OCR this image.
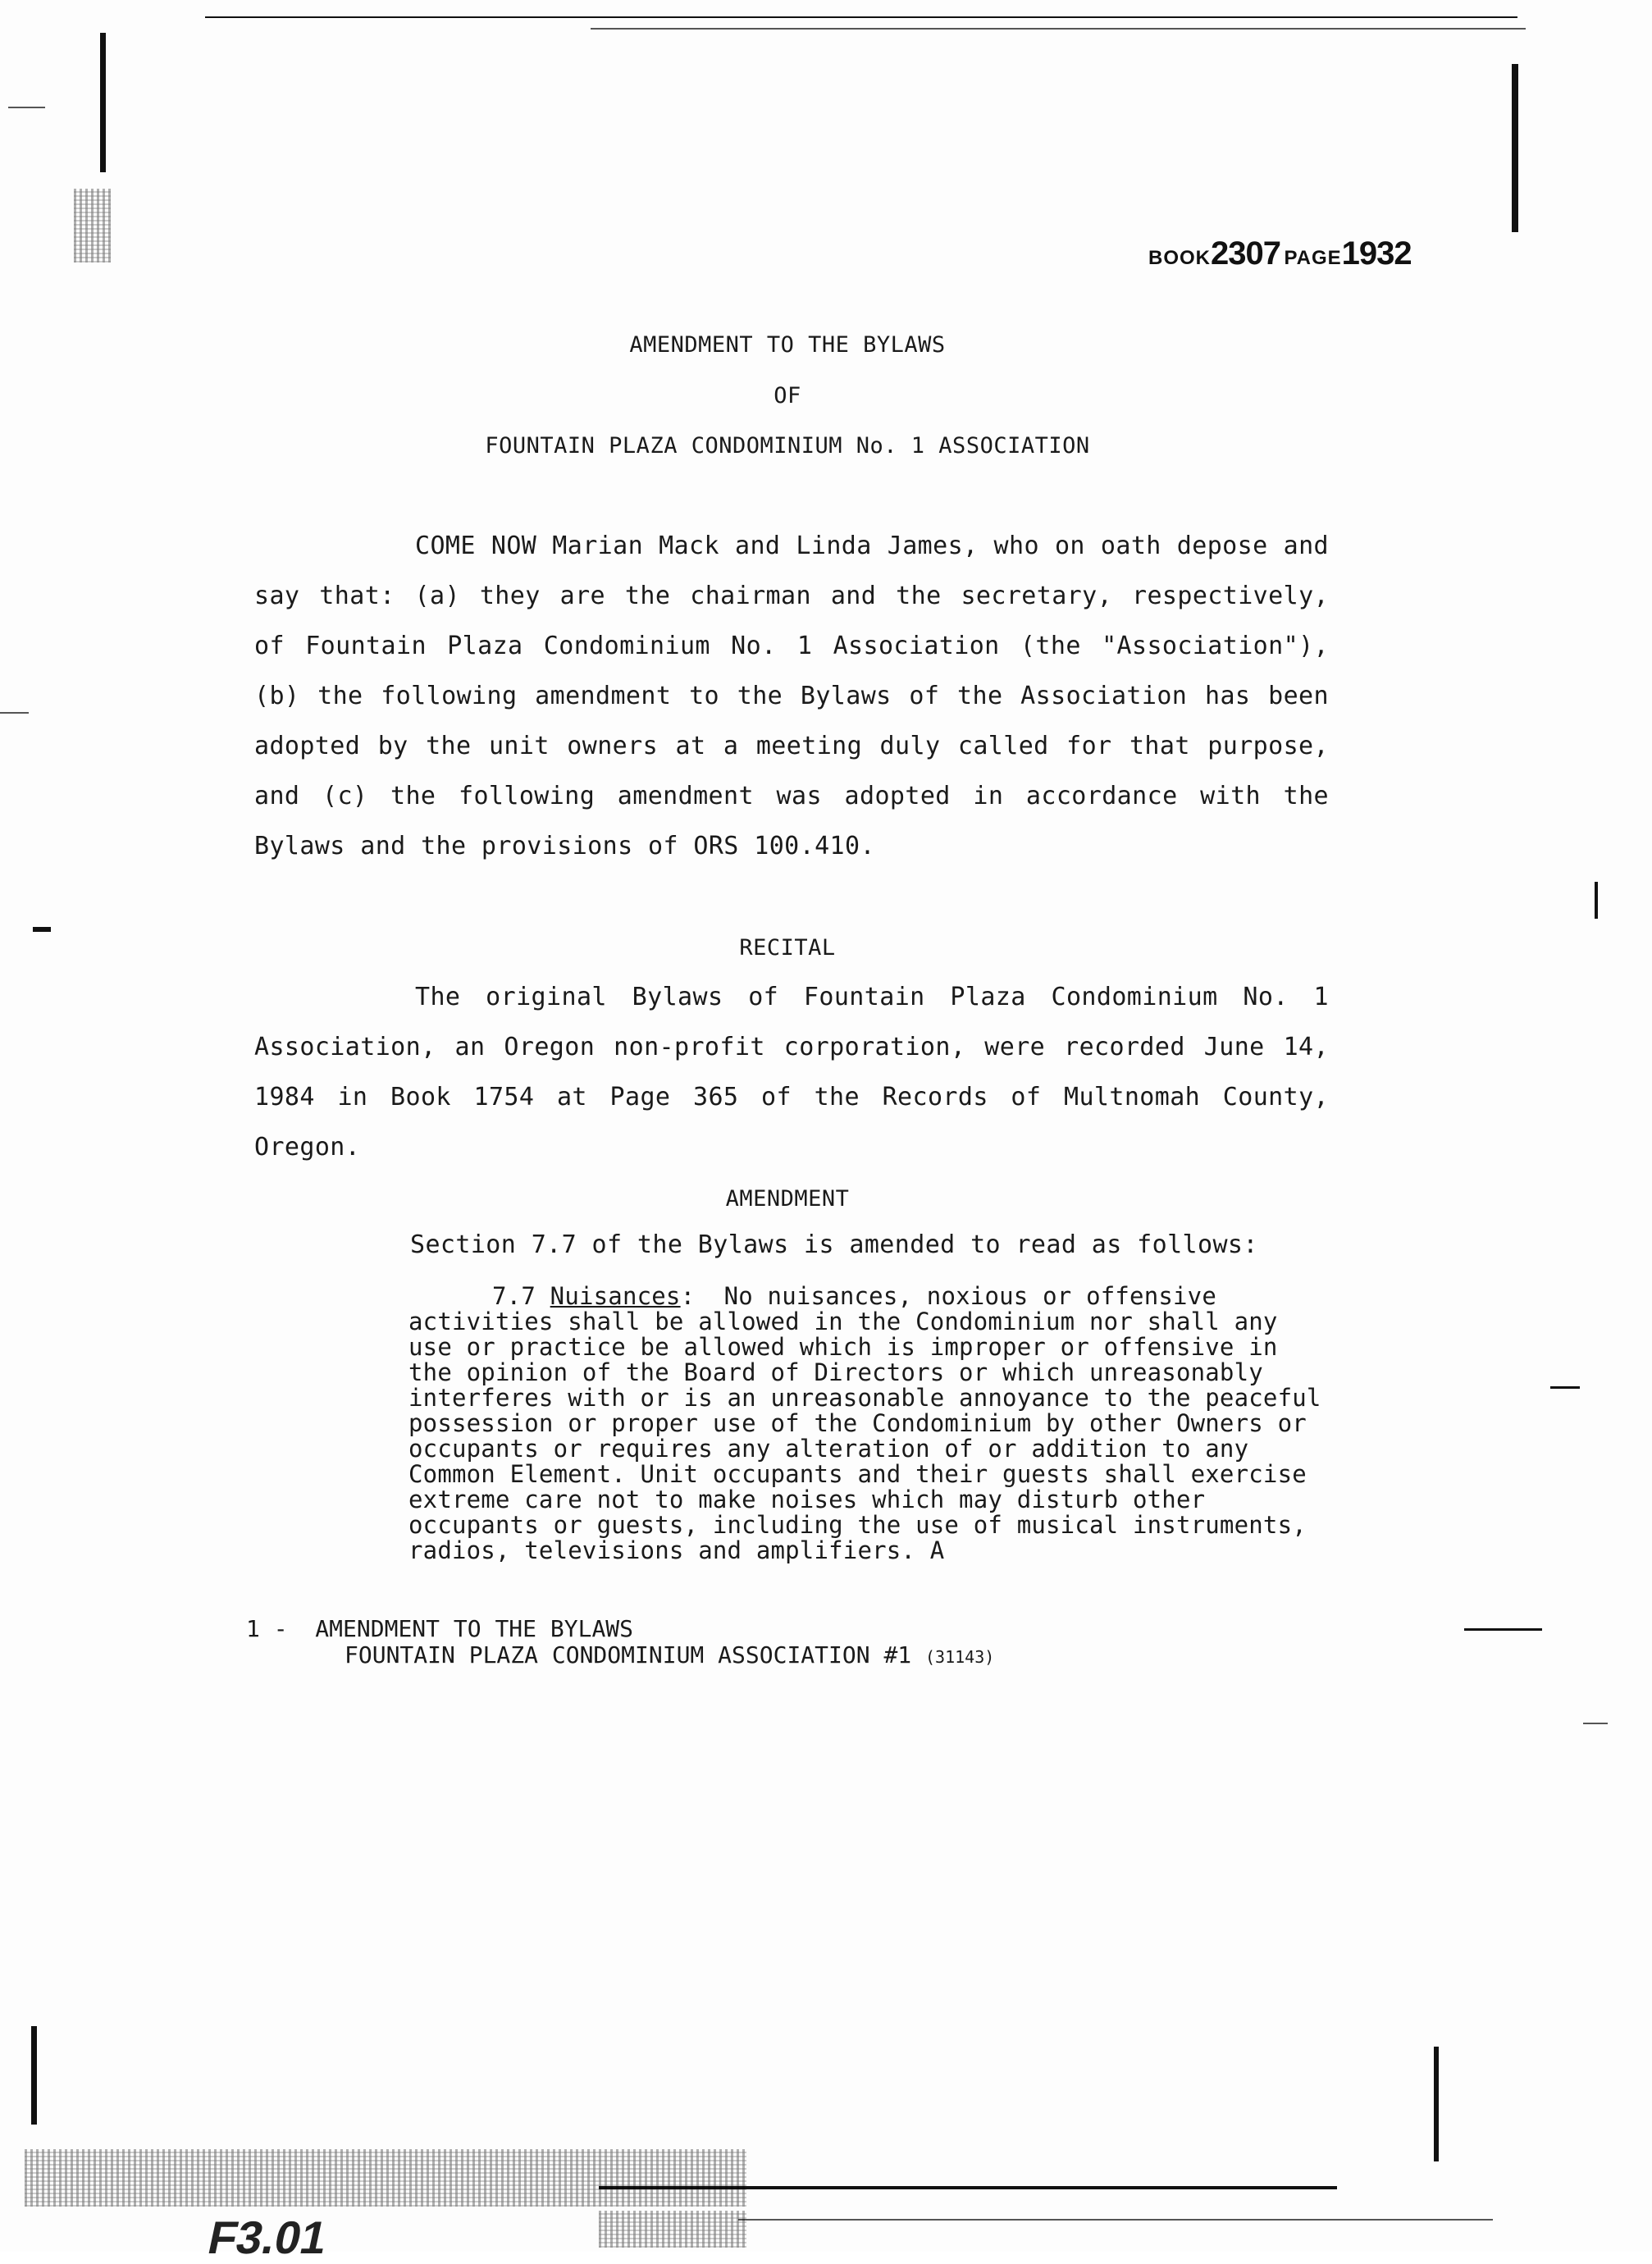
BOOK2307 PAGE1932
AMENDMENT TO THE BYLAWS
OF
FOUNTAIN PLAZA CONDOMINIUM No. 1 ASSOCIATION

COME NOW Marian Mack and Linda James, who on oath depose and say that: (a) they are the chairman and the secretary, respectively, of Fountain Plaza Condominium No. 1 Association (the "Association"), (b) the following amendment to the Bylaws of the Association has been adopted by the unit owners at a meeting duly called for that purpose, and (c) the following amendment was adopted in accordance with the Bylaws and the provisions of ORS 100.410.

RECITAL

The original Bylaws of Fountain Plaza Condominium No. 1 Association, an Oregon non-profit corporation, were recorded June 14, 1984 in Book 1754 at Page 365 of the Records of Multnomah County, Oregon.

AMENDMENT
Section 7.7 of the Bylaws is amended to read as follows:

7.7 Nuisances:  No nuisances, noxious or offensive activities shall be allowed in the Condominium nor shall any use or practice be allowed which is improper or offensive in the opinion of the Board of Directors or which unreasonably interferes with or is an unreasonable annoyance to the peaceful possession or proper use of the Condominium by other Owners or occupants or requires any alteration of or addition to any Common Element. Unit occupants and their guests shall exercise extreme care not to make noises which may disturb other occupants or guests, including the use of musical instruments, radios, televisions and amplifiers. A

1 - AMENDMENT TO THE BYLAWS
FOUNTAIN PLAZA CONDOMINIUM ASSOCIATION #1 (31143)
F3.01
